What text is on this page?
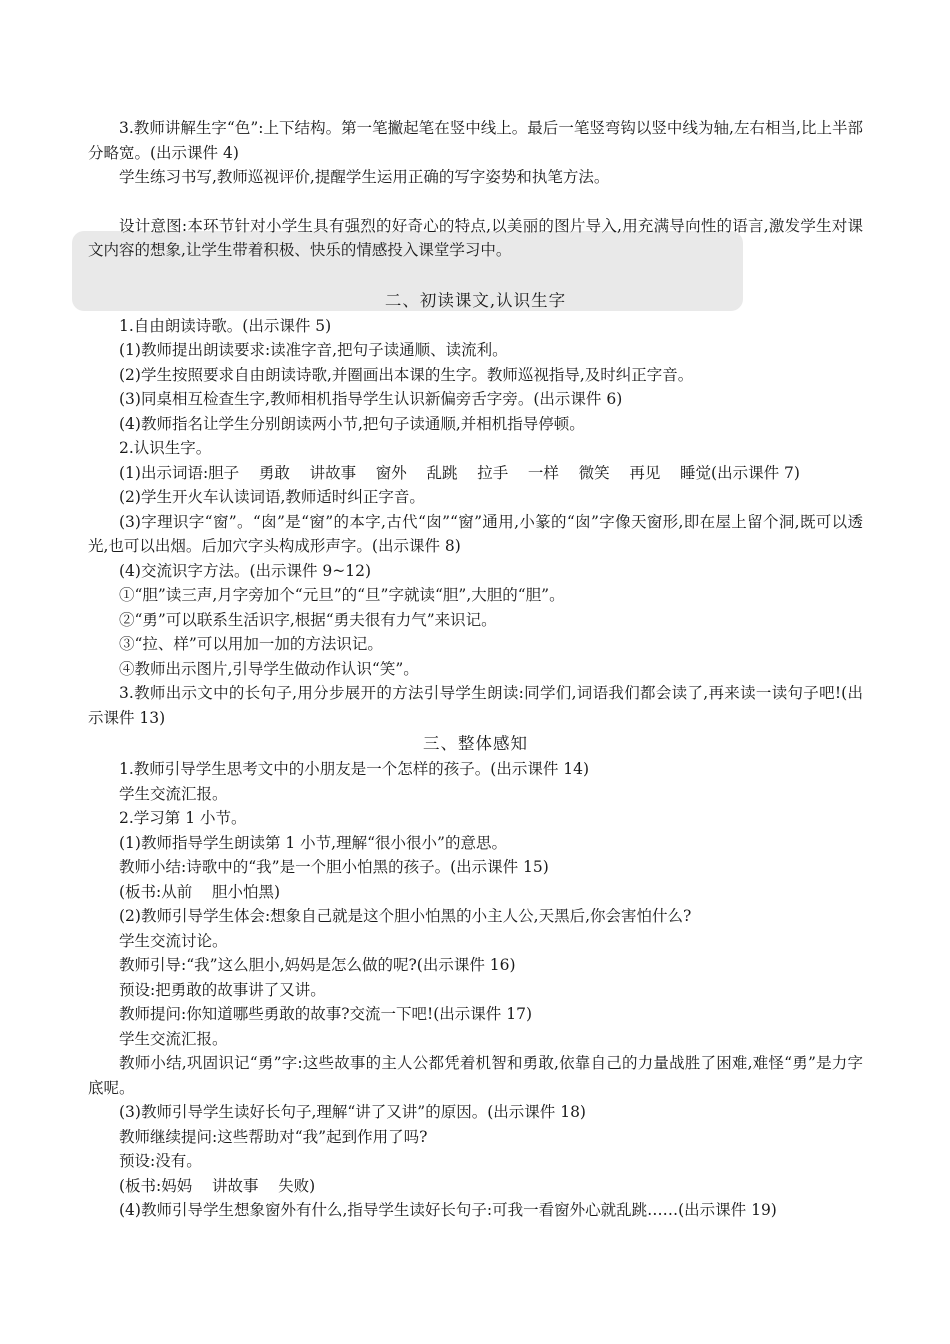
3.教师讲解生字“色”:上下结构。第一笔撇起笔在竖中线上。最后一笔竖弯钩以竖中线为轴,左右相当,比上半部分略宽。(出示课件 4)

学生练习书写,教师巡视评价,提醒学生运用正确的写字姿势和执笔方法。

设计意图:本环节针对小学生具有强烈的好奇心的特点,以美丽的图片导入,用充满导向性的语言,激发学生对课文内容的想象,让学生带着积极、快乐的情感投入课堂学习中。

二、初读课文,认识生字

1.自由朗读诗歌。(出示课件 5)

(1)教师提出朗读要求:读准字音,把句子读通顺、读流利。

(2)学生按照要求自由朗读诗歌,并圈画出本课的生字。教师巡视指导,及时纠正字音。

(3)同桌相互检查生字,教师相机指导学生认识新偏旁舌字旁。(出示课件 6)

(4)教师指名让学生分别朗读两小节,把句子读通顺,并相机指导停顿。

2.认识生字。

(1)出示词语:胆子    勇敢    讲故事    窗外    乱跳    拉手    一样    微笑    再见    睡觉(出示课件 7)

(2)学生开火车认读词语,教师适时纠正字音。

(3)字理识字“窗”。“囱”是“窗”的本字,古代“囱”“窗”通用,小篆的“囱”字像天窗形,即在屋上留个洞,既可以透光,也可以出烟。后加穴字头构成形声字。(出示课件 8)

(4)交流识字方法。(出示课件 9~12)

①“胆”读三声,月字旁加个“元旦”的“旦”字就读“胆”,大胆的“胆”。

②“勇”可以联系生活识字,根据“勇夫很有力气”来识记。

③“拉、样”可以用加一加的方法识记。

④教师出示图片,引导学生做动作认识“笑”。

3.教师出示文中的长句子,用分步展开的方法引导学生朗读:同学们,词语我们都会读了,再来读一读句子吧!(出示课件 13)

三、整体感知

1.教师引导学生思考文中的小朋友是一个怎样的孩子。(出示课件 14)

学生交流汇报。

2.学习第 1 小节。

(1)教师指导学生朗读第 1 小节,理解“很小很小”的意思。

教师小结:诗歌中的“我”是一个胆小怕黑的孩子。(出示课件 15)

(板书:从前    胆小怕黑)

(2)教师引导学生体会:想象自己就是这个胆小怕黑的小主人公,天黑后,你会害怕什么?

学生交流讨论。

教师引导:“我”这么胆小,妈妈是怎么做的呢?(出示课件 16)

预设:把勇敢的故事讲了又讲。

教师提问:你知道哪些勇敢的故事?交流一下吧!(出示课件 17)

学生交流汇报。

教师小结,巩固识记“勇”字:这些故事的主人公都凭着机智和勇敢,依靠自己的力量战胜了困难,难怪“勇”是力字底呢。

(3)教师引导学生读好长句子,理解“讲了又讲”的原因。(出示课件 18)

教师继续提问:这些帮助对“我”起到作用了吗?

预设:没有。

(板书:妈妈    讲故事    失败)

(4)教师引导学生想象窗外有什么,指导学生读好长句子:可我一看窗外心就乱跳……(出示课件 19)
